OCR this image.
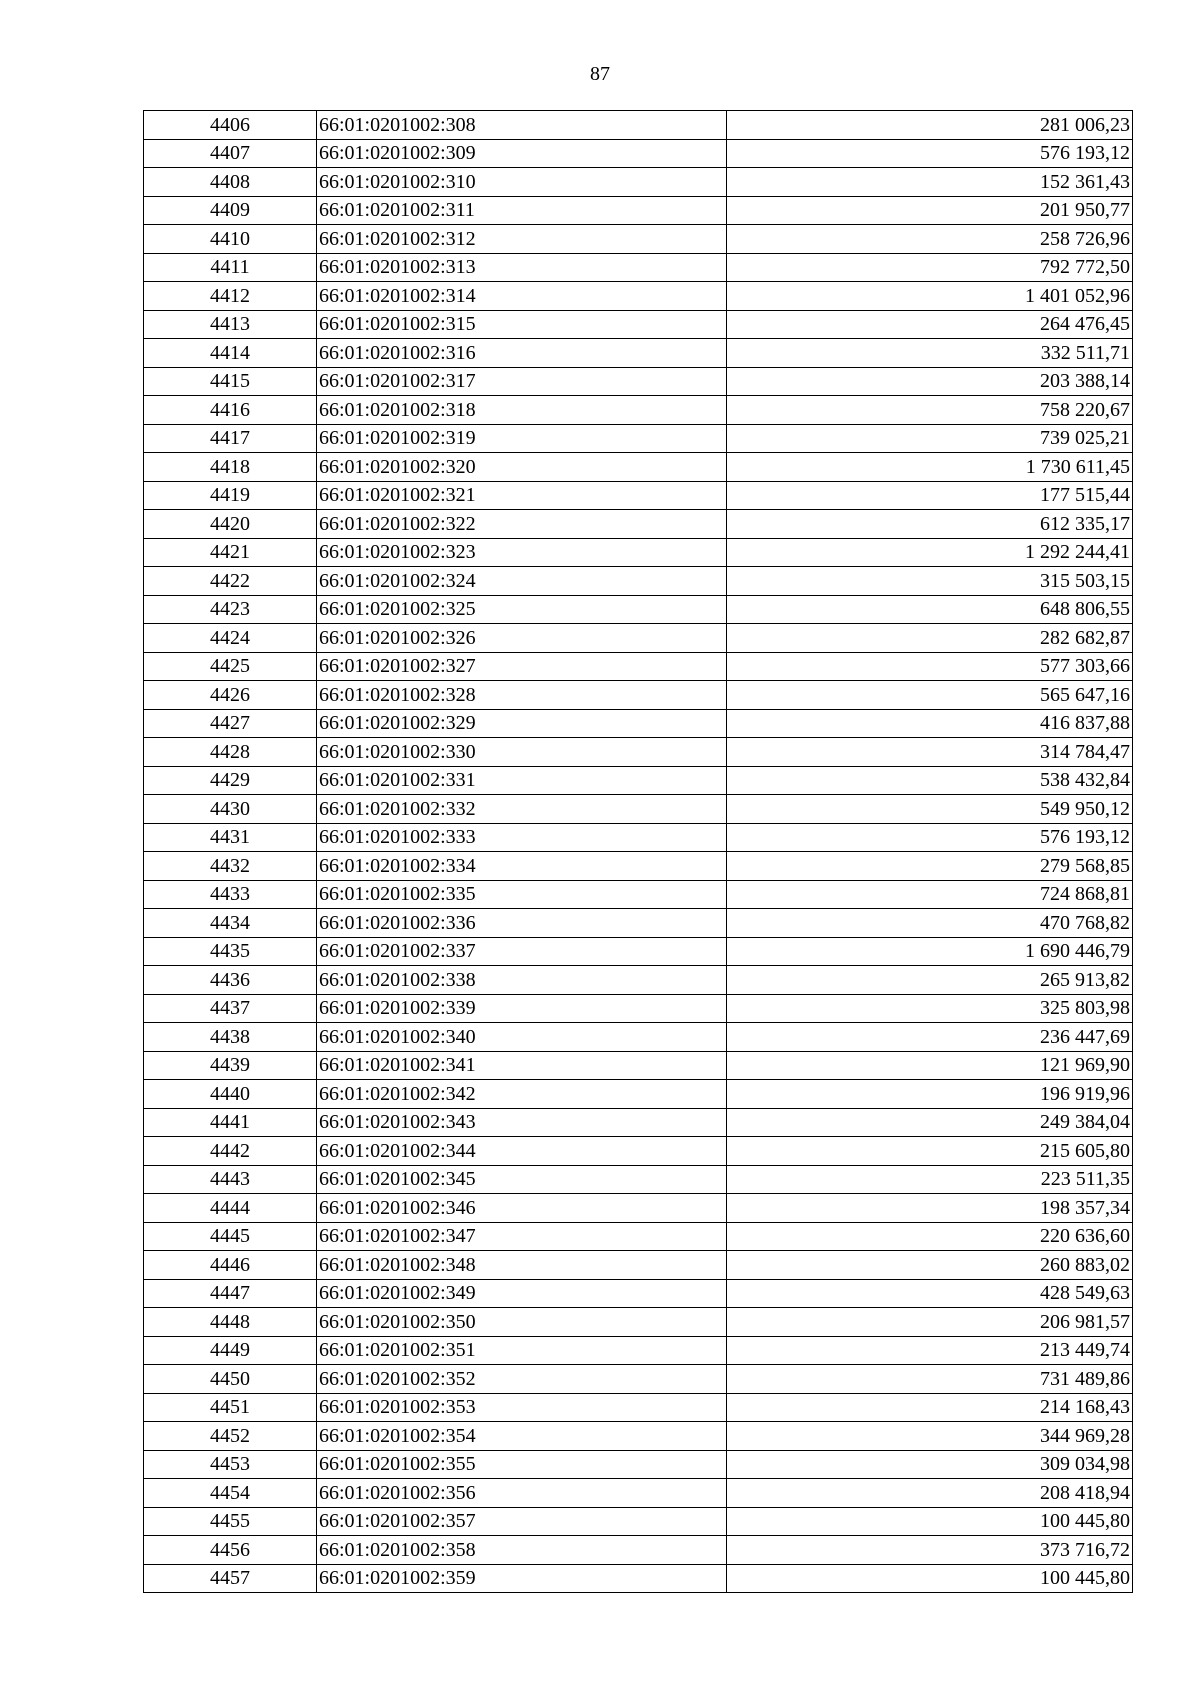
87
4406	66:01:0201002:308	281 006,23
4407	66:01:0201002:309	576 193,12
4408	66:01:0201002:310	152 361,43
4409	66:01:0201002:311	201 950,77
4410	66:01:0201002:312	258 726,96
4411	66:01:0201002:313	792 772,50
4412	66:01:0201002:314	1 401 052,96
4413	66:01:0201002:315	264 476,45
4414	66:01:0201002:316	332 511,71
4415	66:01:0201002:317	203 388,14
4416	66:01:0201002:318	758 220,67
4417	66:01:0201002:319	739 025,21
4418	66:01:0201002:320	1 730 611,45
4419	66:01:0201002:321	177 515,44
4420	66:01:0201002:322	612 335,17
4421	66:01:0201002:323	1 292 244,41
4422	66:01:0201002:324	315 503,15
4423	66:01:0201002:325	648 806,55
4424	66:01:0201002:326	282 682,87
4425	66:01:0201002:327	577 303,66
4426	66:01:0201002:328	565 647,16
4427	66:01:0201002:329	416 837,88
4428	66:01:0201002:330	314 784,47
4429	66:01:0201002:331	538 432,84
4430	66:01:0201002:332	549 950,12
4431	66:01:0201002:333	576 193,12
4432	66:01:0201002:334	279 568,85
4433	66:01:0201002:335	724 868,81
4434	66:01:0201002:336	470 768,82
4435	66:01:0201002:337	1 690 446,79
4436	66:01:0201002:338	265 913,82
4437	66:01:0201002:339	325 803,98
4438	66:01:0201002:340	236 447,69
4439	66:01:0201002:341	121 969,90
4440	66:01:0201002:342	196 919,96
4441	66:01:0201002:343	249 384,04
4442	66:01:0201002:344	215 605,80
4443	66:01:0201002:345	223 511,35
4444	66:01:0201002:346	198 357,34
4445	66:01:0201002:347	220 636,60
4446	66:01:0201002:348	260 883,02
4447	66:01:0201002:349	428 549,63
4448	66:01:0201002:350	206 981,57
4449	66:01:0201002:351	213 449,74
4450	66:01:0201002:352	731 489,86
4451	66:01:0201002:353	214 168,43
4452	66:01:0201002:354	344 969,28
4453	66:01:0201002:355	309 034,98
4454	66:01:0201002:356	208 418,94
4455	66:01:0201002:357	100 445,80
4456	66:01:0201002:358	373 716,72
4457	66:01:0201002:359	100 445,80
